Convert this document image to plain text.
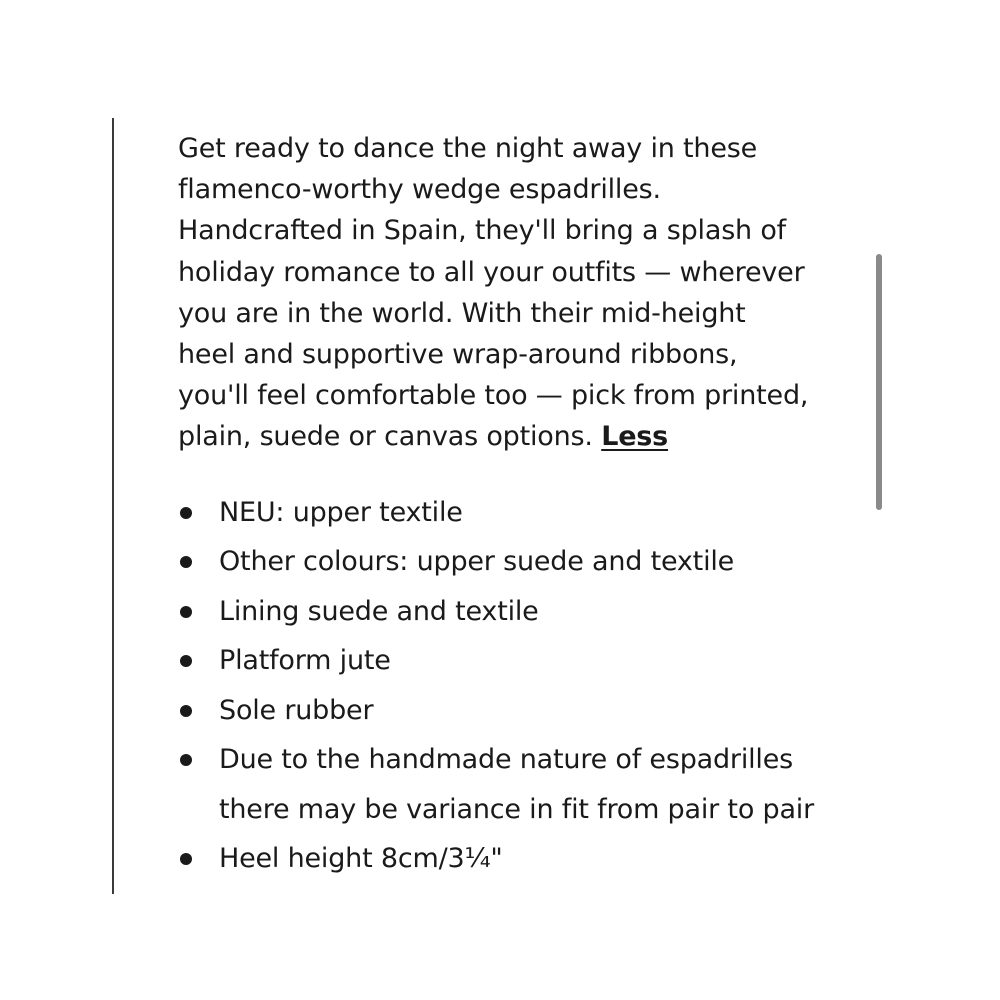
Get ready to dance the night away in these
flamenco-worthy wedge espadrilles.
Handcrafted in Spain, they'll bring a splash of
holiday romance to all your outfits — wherever
you are in the world. With their mid-height
heel and supportive wrap-around ribbons,
you'll feel comfortable too — pick from printed,
plain, suede or canvas options. Less

NEU: upper textile
Other colours: upper suede and textile
Lining suede and textile
Platform jute
Sole rubber
Due to the handmade nature of espadrilles
there may be variance in fit from pair to pair
Heel height 8cm/3¼"
